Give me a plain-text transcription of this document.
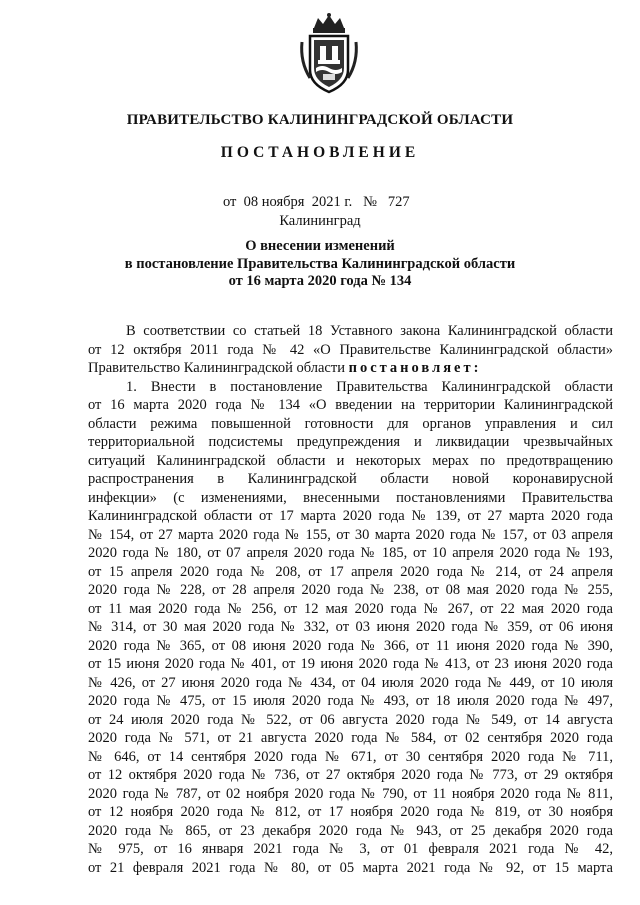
ПРАВИТЕЛЬСТВО КАЛИНИНГРАДСКОЙ ОБЛАСТИ
ПОСТАНОВЛЕНИЕ
от 08 ноября 2021 г. № 727
Калининград
О внесении изменений
в постановление Правительства Калининградской области
от 16 марта 2020 года № 134
В соответствии со статьей 18 Уставного закона Калининградской области
от 12 октября 2011 года № 42 «О Правительстве Калининградской области»
Правительство Калининградской области постановляет:
1. Внести в постановление Правительства Калининградской области
от 16 марта 2020 года № 134 «О введении на территории Калининградской
области режима повышенной готовности для органов управления и сил
территориальной подсистемы предупреждения и ликвидации чрезвычайных
ситуаций Калининградской области и некоторых мерах по предотвращению
распространения в Калининградской области новой коронавирусной
инфекции» (с изменениями, внесенными постановлениями Правительства
Калининградской области от 17 марта 2020 года № 139, от 27 марта 2020 года
№ 154, от 27 марта 2020 года № 155, от 30 марта 2020 года № 157, от 03 апреля
2020 года № 180, от 07 апреля 2020 года № 185, от 10 апреля 2020 года № 193,
от 15 апреля 2020 года № 208, от 17 апреля 2020 года № 214, от 24 апреля
2020 года № 228, от 28 апреля 2020 года № 238, от 08 мая 2020 года № 255,
от 11 мая 2020 года № 256, от 12 мая 2020 года № 267, от 22 мая 2020 года
№ 314, от 30 мая 2020 года № 332, от 03 июня 2020 года № 359, от 06 июня
2020 года № 365, от 08 июня 2020 года № 366, от 11 июня 2020 года № 390,
от 15 июня 2020 года № 401, от 19 июня 2020 года № 413, от 23 июня 2020 года
№ 426, от 27 июня 2020 года № 434, от 04 июля 2020 года № 449, от 10 июля
2020 года № 475, от 15 июля 2020 года № 493, от 18 июля 2020 года № 497,
от 24 июля 2020 года № 522, от 06 августа 2020 года № 549, от 14 августа
2020 года № 571, от 21 августа 2020 года № 584, от 02 сентября 2020 года
№ 646, от 14 сентября 2020 года № 671, от 30 сентября 2020 года № 711,
от 12 октября 2020 года № 736, от 27 октября 2020 года № 773, от 29 октября
2020 года № 787, от 02 ноября 2020 года № 790, от 11 ноября 2020 года № 811,
от 12 ноября 2020 года № 812, от 17 ноября 2020 года № 819, от 30 ноября
2020 года № 865, от 23 декабря 2020 года № 943, от 25 декабря 2020 года
№ 975, от 16 января 2021 года № 3, от 01 февраля 2021 года № 42,
от 21 февраля 2021 года № 80, от 05 марта 2021 года № 92, от 15 марта
